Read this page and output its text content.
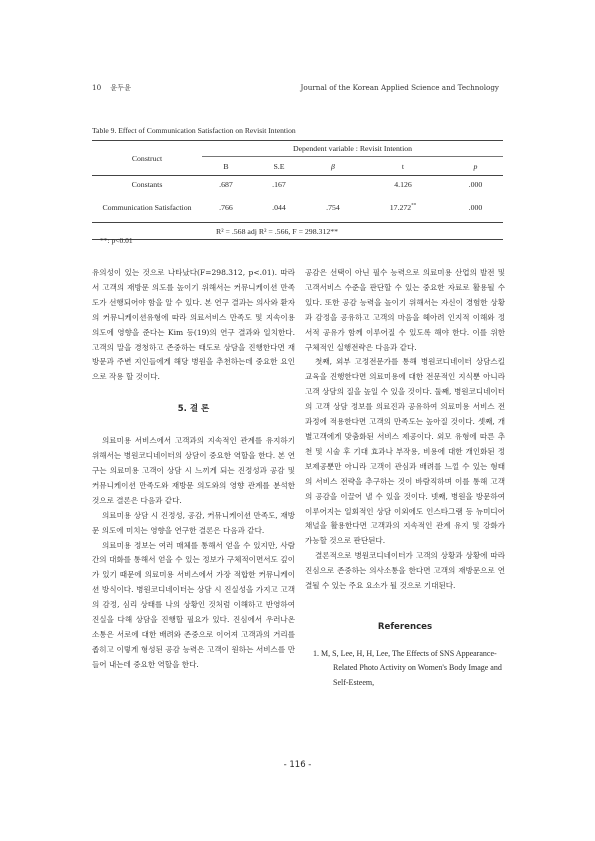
10 윤두윤	Journal of the Korean Applied Science and Technology
Table 9. Effect of Communication Satisfaction on Revisit Intention
Construct	Dependent variable : Revisit Intention				
	B	S.E	β	t	p
Constants	.687	.167		4.126	.000
Communication Satisfaction	.766	.044	.754	17.272**	.000
	R² = .568 adj R² = .566, F = 298.312**				
**: p<0.01

유의성이 있는 것으로 나타났다(F=298.312, p<.01). 따라서 고객의 재방문 의도를 높이기 위해서는 커뮤니케이션 만족도가 선행되어야 함을 알 수 있다. 본 연구 결과는 의사와 환자의 커뮤니케이션유형에 따라 의료서비스 만족도 및 지속이용의도에 영향을 준다는 Kim 등(19)의 연구 결과와 일치한다. 고객의 말을 경청하고 존중하는 태도로 상담을 진행한다면 재방문과 주변 지인들에게 해당 병원을 추천하는데 중요한 요인으로 작용 할 것이다.

5. 결 론

의료미용 서비스에서 고객과의 지속적인 관계를 유지하기 위해서는 병원코디네이터의 상담이 중요한 역할을 한다. 본 연구는 의료미용 고객이 상담 시 느끼게 되는 진정성과 공감 및 커뮤니케이션 만족도와 재방문 의도와의 영향 관계를 분석한 것으로 결론은 다음과 같다.

의료미용 상담 시 진정성, 공감, 커뮤니케이션 만족도, 재방문 의도에 미치는 영향을 연구한 결론은 다음과 같다.

의료미용 정보는 여러 매체를 통해서 얻을 수 있지만, 사람 간의 대화를 통해서 얻을 수 있는 정보가 구체적이면서도 깊이가 있기 때문에 의료미용 서비스에서 가장 적합한 커뮤니케이션 방식이다. 병원코디네이터는 상담 시 진실성을 가지고 고객의 감정, 심리 상태를 나의 상황인 것처럼 이해하고 반영하여 진실을 다해 상담을 진행할 필요가 있다. 진심에서 우러나온 소통은 서로에 대한 배려와 존중으로 이어져 고객과의 거리를 좁히고 이렇게 형성된 공감 능력은 고객이 원하는 서비스를 만들어 내는데 중요한 역할을 한다.

공감은 선택이 아닌 필수 능력으로 의료미용 산업의 발전 및 고객서비스 수준을 판단할 수 있는 중요한 자료로 활용될 수 있다. 또한 공감 능력을 높이기 위해서는 자신이 경험한 상황과 감정을 공유하고 고객의 마음을 헤아려 인지적 이해와 정서적 공유가 함께 이루어질 수 있도록 해야 한다. 이를 위한 구체적인 실행전략은 다음과 같다.

첫째, 외부 고정전문가를 통해 병원코디네이터 상담스킬 교육을 진행한다면 의료미용에 대한 전문적인 지식뿐 아니라 고객 상담의 질을 높일 수 있을 것이다. 둘째, 병원코디네이터의 고객 상담 정보를 의료진과 공유하여 의료미용 서비스 전 과정에 적용한다면 고객의 만족도는 높아질 것이다. 셋째, 개별고객에게 맞춤화된 서비스 제공이다. 외모 유형에 따른 추천 및 시술 후 기대 효과나 부작용, 비용에 대한 개인화된 정보제공뿐만 아니라 고객이 관심과 배려를 느낄 수 있는 형태의 서비스 전략을 추구하는 것이 바람직하며 이를 통해 고객의 공감을 이끌어 낼 수 있을 것이다. 넷째, 병원을 방문하여 이루어지는 일회적인 상담 이외에도 인스타그램 등 뉴미디어 채널을 활용한다면 고객과의 지속적인 관계 유지 및 강화가 가능할 것으로 판단된다.

결론적으로 병원코디네이터가 고객의 상황과 상황에 따라 진심으로 존중하는 의사소통을 한다면 고객의 재방문으로 연결될 수 있는 주요 요소가 될 것으로 기대된다.

References

1. M, S, Lee, H, H, Lee, The Effects of SNS Appearance-Related Photo Activity on Women's Body Image and Self-Esteem,

- 116 -
